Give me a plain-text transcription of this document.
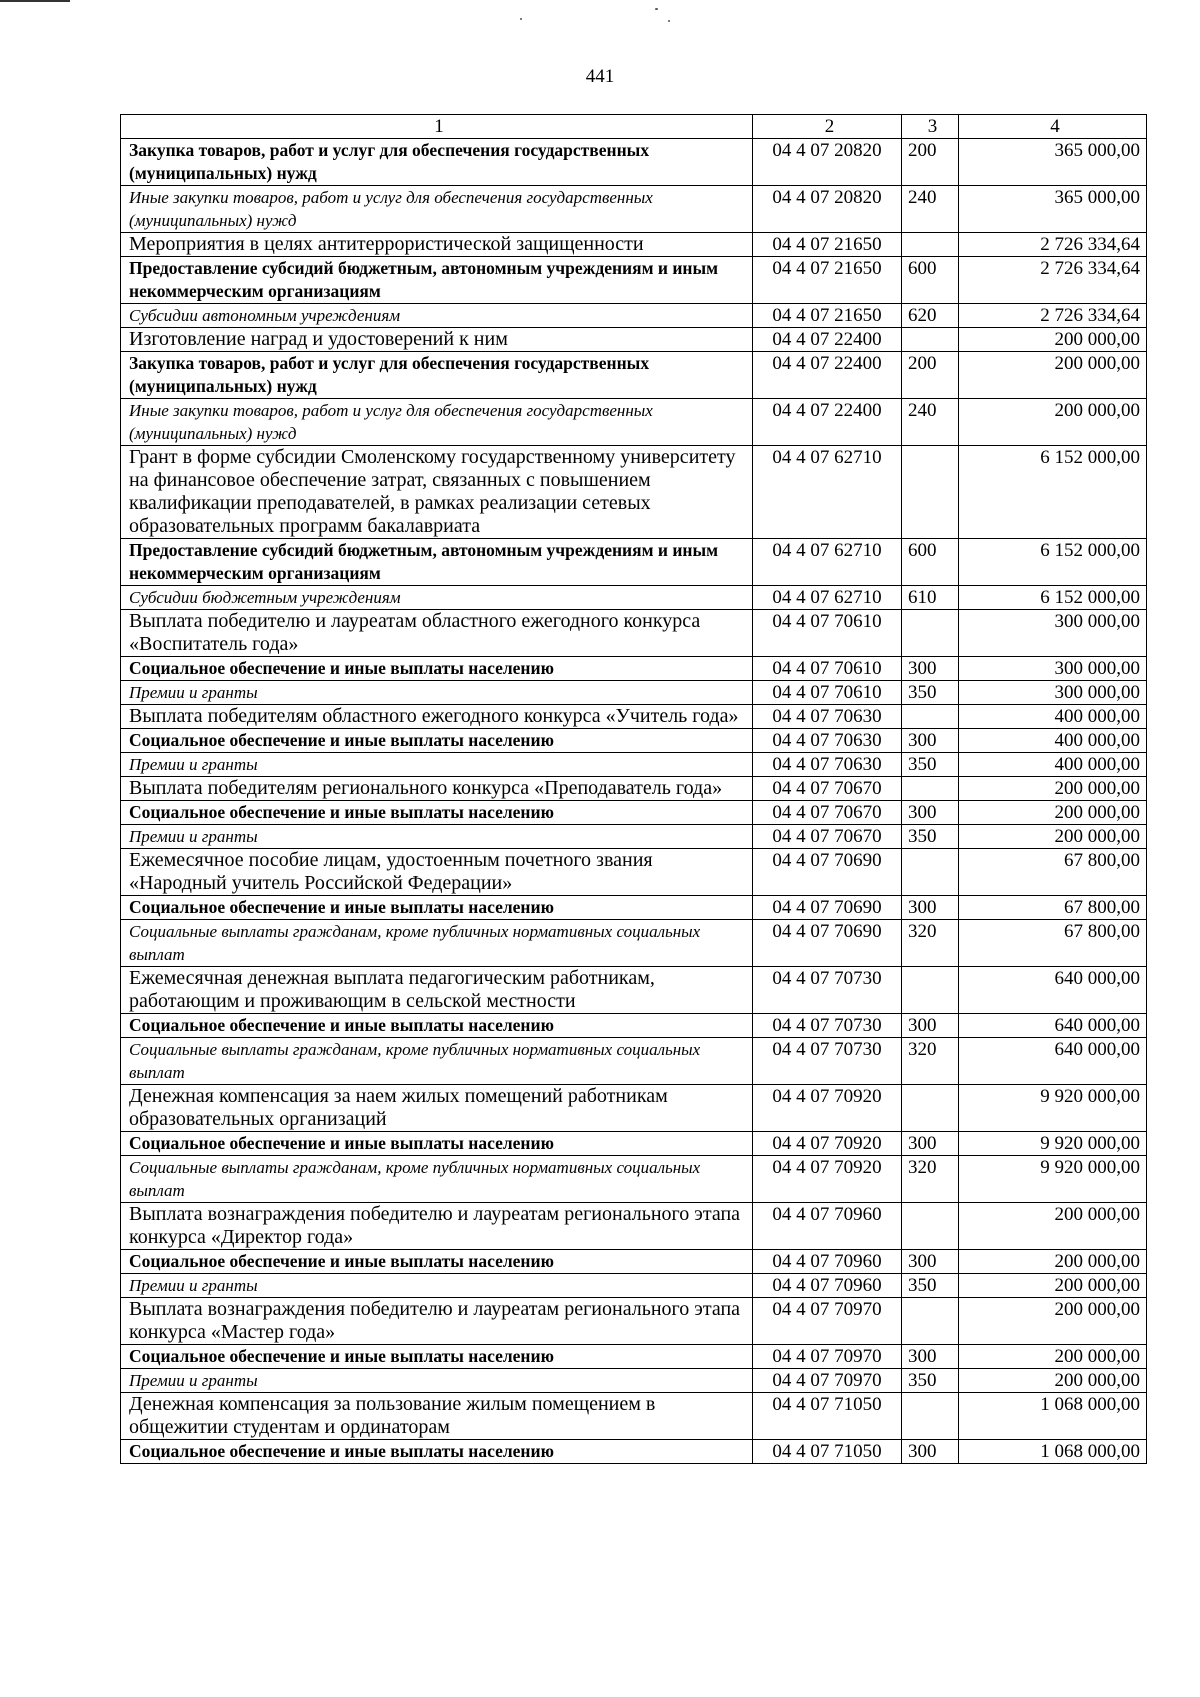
441
1	2	3	4
Закупка товаров, работ и услуг для обеспечения государственных (муниципальных) нужд	04 4 07 20820	200	365 000,00
Иные закупки товаров, работ и услуг для обеспечения государственных (муниципальных) нужд	04 4 07 20820	240	365 000,00
Мероприятия в целях антитеррористической защищенности	04 4 07 21650		2 726 334,64
Предоставление субсидий бюджетным, автономным учреждениям и иным некоммерческим организациям	04 4 07 21650	600	2 726 334,64
Субсидии автономным учреждениям	04 4 07 21650	620	2 726 334,64
Изготовление наград и удостоверений к ним	04 4 07 22400		200 000,00
Закупка товаров, работ и услуг для обеспечения государственных (муниципальных) нужд	04 4 07 22400	200	200 000,00
Иные закупки товаров, работ и услуг для обеспечения государственных (муниципальных) нужд	04 4 07 22400	240	200 000,00
Грант в форме субсидии Смоленскому государственному университету на финансовое обеспечение затрат, связанных с повышением квалификации преподавателей, в рамках реализации сетевых образовательных программ бакалавриата	04 4 07 62710		6 152 000,00
Предоставление субсидий бюджетным, автономным учреждениям и иным некоммерческим организациям	04 4 07 62710	600	6 152 000,00
Субсидии бюджетным учреждениям	04 4 07 62710	610	6 152 000,00
Выплата победителю и лауреатам областного ежегодного конкурса «Воспитатель года»	04 4 07 70610		300 000,00
Социальное обеспечение и иные выплаты населению	04 4 07 70610	300	300 000,00
Премии и гранты	04 4 07 70610	350	300 000,00
Выплата победителям областного ежегодного конкурса «Учитель года»	04 4 07 70630		400 000,00
Социальное обеспечение и иные выплаты населению	04 4 07 70630	300	400 000,00
Премии и гранты	04 4 07 70630	350	400 000,00
Выплата победителям регионального конкурса «Преподаватель года»	04 4 07 70670		200 000,00
Социальное обеспечение и иные выплаты населению	04 4 07 70670	300	200 000,00
Премии и гранты	04 4 07 70670	350	200 000,00
Ежемесячное пособие лицам, удостоенным почетного звания «Народный учитель Российской Федерации»	04 4 07 70690		67 800,00
Социальное обеспечение и иные выплаты населению	04 4 07 70690	300	67 800,00
Социальные выплаты гражданам, кроме публичных нормативных социальных выплат	04 4 07 70690	320	67 800,00
Ежемесячная денежная выплата педагогическим работникам, работающим и проживающим в сельской местности	04 4 07 70730		640 000,00
Социальное обеспечение и иные выплаты населению	04 4 07 70730	300	640 000,00
Социальные выплаты гражданам, кроме публичных нормативных социальных выплат	04 4 07 70730	320	640 000,00
Денежная компенсация за наем жилых помещений работникам образовательных организаций	04 4 07 70920		9 920 000,00
Социальное обеспечение и иные выплаты населению	04 4 07 70920	300	9 920 000,00
Социальные выплаты гражданам, кроме публичных нормативных социальных выплат	04 4 07 70920	320	9 920 000,00
Выплата вознаграждения победителю и лауреатам регионального этапа конкурса «Директор года»	04 4 07 70960		200 000,00
Социальное обеспечение и иные выплаты населению	04 4 07 70960	300	200 000,00
Премии и гранты	04 4 07 70960	350	200 000,00
Выплата вознаграждения победителю и лауреатам регионального этапа конкурса «Мастер года»	04 4 07 70970		200 000,00
Социальное обеспечение и иные выплаты населению	04 4 07 70970	300	200 000,00
Премии и гранты	04 4 07 70970	350	200 000,00
Денежная компенсация за пользование жилым помещением в общежитии студентам и ординаторам	04 4 07 71050		1 068 000,00
Социальное обеспечение и иные выплаты населению	04 4 07 71050	300	1 068 000,00
